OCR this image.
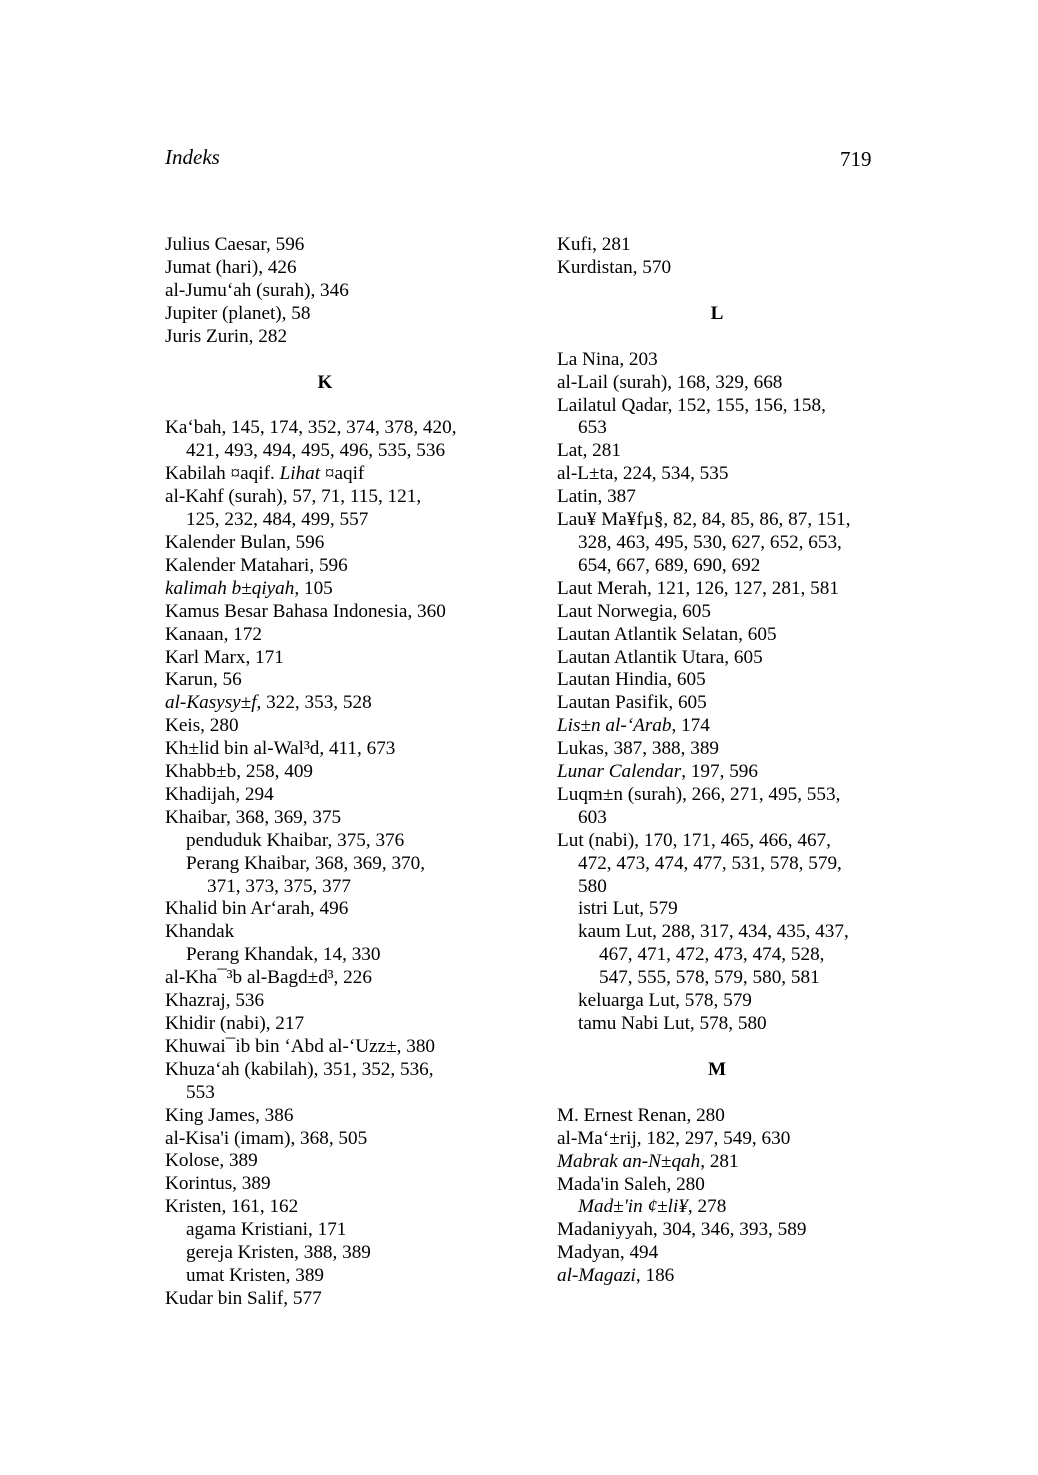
Indeks	719
Julius Caesar, 596
Jumat (hari), 426
al-Jumu‘ah (surah), 346
Jupiter (planet), 58
Juris Zurin, 282
K
Ka‘bah, 145, 174, 352, 374, 378, 420,
421, 493, 494, 495, 496, 535, 536
Kabilah ¤aqif. Lihat ¤aqif
al-Kahf (surah), 57, 71, 115, 121,
125, 232, 484, 499, 557
Kalender Bulan, 596
Kalender Matahari, 596
kalimah b±qiyah, 105
Kamus Besar Bahasa Indonesia, 360
Kanaan, 172
Karl Marx, 171
Karun, 56
al-Kasysy±f, 322, 353, 528
Keis, 280
Kh±lid bin al-Wal³d, 411, 673
Khabb±b, 258, 409
Khadijah, 294
Khaibar, 368, 369, 375
penduduk Khaibar, 375, 376
Perang Khaibar, 368, 369, 370,
371, 373, 375, 377
Khalid bin Ar‘arah, 496
Khandak
Perang Khandak, 14, 330
al-Kha¯³b al-Bagd±d³, 226
Khazraj, 536
Khidir (nabi), 217
Khuwai¯ib bin ‘Abd al-‘Uzz±, 380
Khuza‘ah (kabilah), 351, 352, 536,
553
King James, 386
al-Kisa'i (imam), 368, 505
Kolose, 389
Korintus, 389
Kristen, 161, 162
agama Kristiani, 171
gereja Kristen, 388, 389
umat Kristen, 389
Kudar bin Salif, 577
Kufi, 281
Kurdistan, 570
L
La Nina, 203
al-Lail (surah), 168, 329, 668
Lailatul Qadar, 152, 155, 156, 158,
653
Lat, 281
al-L±ta, 224, 534, 535
Latin, 387
Lau¥ Ma¥fµ§, 82, 84, 85, 86, 87, 151,
328, 463, 495, 530, 627, 652, 653,
654, 667, 689, 690, 692
Laut Merah, 121, 126, 127, 281, 581
Laut Norwegia, 605
Lautan Atlantik Selatan, 605
Lautan Atlantik Utara, 605
Lautan Hindia, 605
Lautan Pasifik, 605
Lis±n al-‘Arab, 174
Lukas, 387, 388, 389
Lunar Calendar, 197, 596
Luqm±n (surah), 266, 271, 495, 553,
603
Lut (nabi), 170, 171, 465, 466, 467,
472, 473, 474, 477, 531, 578, 579,
580
istri Lut, 579
kaum Lut, 288, 317, 434, 435, 437,
467, 471, 472, 473, 474, 528,
547, 555, 578, 579, 580, 581
keluarga Lut, 578, 579
tamu Nabi Lut, 578, 580
M
M. Ernest Renan, 280
al-Ma‘±rij, 182, 297, 549, 630
Mabrak an-N±qah, 281
Mada'in Saleh, 280
Mad±'in ¢±li¥, 278
Madaniyyah, 304, 346, 393, 589
Madyan, 494
al-Magazi, 186
